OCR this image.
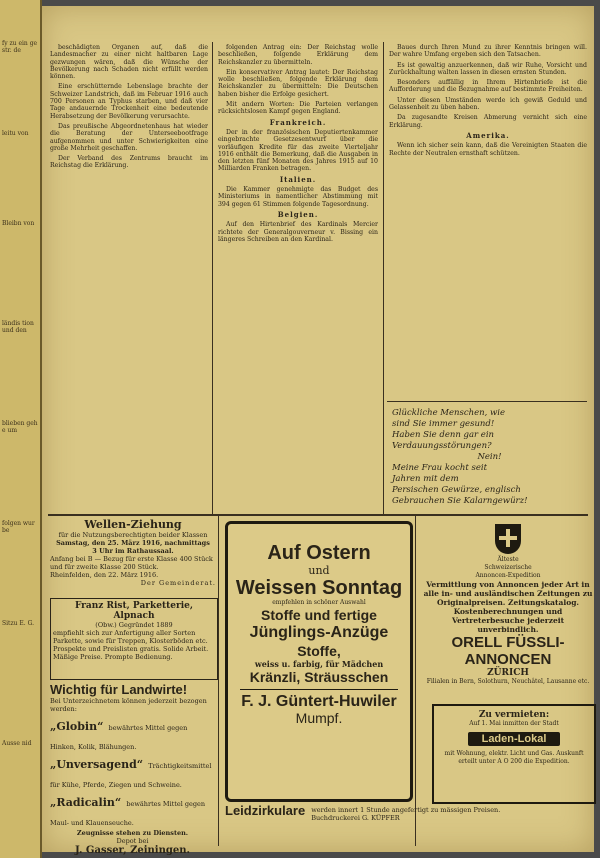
fy zu ein gestr. de
leitu von
Bleibn von
ländis tion und den
blieben gehe um
folgen wurbe
Sitzu E. G.
Ausse nid

beschädigten Organen auf, daß die Landesmacher zu einer nicht haltbaren Lage gezwungen wären, daß die Wünsche der Bevölkerung nach Schaden nicht erfüllt werden können.

Eine erschütternde Lebenslage brachte der Schweizer Landstrich, daß im Februar 1916 auch 700 Personen an Typhus starben, und daß vier Tage andauernde Trockenheit eine bedeutende Herabsetzung der Bevölkerung verursachte.

Das preußische Abgeordnetenhaus hat wieder die Beratung der Unterseebootfrage aufgenommen und unter Schwierigkeiten eine große Mehrheit geschaffen.

Der Verband des Zentrums braucht im Reichstag die Erklärung.

folgenden Antrag ein: Der Reichstag wolle beschließen, folgende Erklärung dem Reichskanzler zu übermitteln.

Ein konservativer Antrag lautet: Der Reichstag wolle beschließen, folgende Erklärung dem Reichskanzler zu übermitteln: Die Deutschen haben bisher die Erfolge gesichert.

Mit andern Worten: Die Parteien verlangen rücksichtslosen Kampf gegen England.

Frankreich.

Der in der französischen Deputiertenkammer eingebrachte Gesetzesentwurf über die vorläufigen Kredite für das zweite Vierteljahr 1916 enthält die Bemerkung, daß die Ausgaben in den letzten fünf Monaten des Jahres 1915 auf 10 Milliarden Franken betragen.

Italien.

Die Kammer genehmigte das Budget des Ministeriums in namentlicher Abstimmung mit 394 gegen 61 Stimmen folgende Tagesordnung.

Belgien.

Auf den Hirtenbrief des Kardinals Mercier richtete der Generalgouverneur v. Bissing ein längeres Schreiben an den Kardinal.

Baues durch Ihren Mund zu ihrer Kenntnis bringen will. Der wahre Umfang ergeben sich den Tatsachen.

Es ist gewaltig anzuerkennen, daß wir Ruhe, Vorsicht und Zurückhaltung walten lassen in diesen ernsten Stunden.

Besonders auffällig in Ihrem Hirtenbriefe ist die Aufforderung und die Bezugnahme auf bestimmte Freiheiten.

Unter diesen Umständen werde ich gewiß Geduld und Gelassenheit zu üben haben.

Da zugesandte Kreisen Abmerung vernicht sich eine Erklärung.

Amerika.

Wenn ich sicher sein kann, daß die Vereinigten Staaten die Rechte der Neutralen ernsthaft schützen.

Glückliche Menschen, wie
sind Sie immer gesund!
Haben Sie denn gar ein
Verdauungsstörungen?
Nein!
Meine Frau kocht seit
Jahren mit dem
Persischen Gewürze, englisch
Gebrauchen Sie Kalarngewürz!
Wellen-Ziehung
für die Nutzungsberechtigten beider Klassen
Samstag, den 25. März 1916, nachmittags
3 Uhr im Rathaussaal.
Anfang bei B — Bezug für erste Klasse 400 Stück und für zweite Klasse 200 Stück.
Rheinfelden, den 22. März 1916.
Der Gemeinderat.
Franz Rist, Parketterie, Alpnach
(Obw.) Gegründet 1889
empfiehlt sich zur Anfertigung aller Sorten Parkette, sowie für Treppen, Klosterböden etc. Prospekte und Preislisten gratis. Solide Arbeit. Mäßige Preise. Prompte Bedienung.
Wichtig für Landwirte!
Bei Unterzeichnetem können jederzeit bezogen werden:
„Globin“ bewährtes Mittel gegen Hinken, Kolik, Blähungen.
„Unversagend“ Trächtigkeitsmittel für Kühe, Pferde, Ziegen und Schweine.
„Radicalin“ bewährtes Mittel gegen Maul- und Klauenseuche.
Zeugnisse stehen zu Diensten.
Depot bei
J. Gasser, Zeiningen.
Auf Ostern
und
Weissen Sonntag
empfehlen in schöner Auswahl
Stoffe und fertige
Jünglings-Anzüge
Stoffe,
weiss u. farbig, für Mädchen
Kränzli, Sträusschen
F. J. Güntert-Huwiler
Mumpf.
Älteste
Schweizerische
Annoncen-Expedition
Vermittlung von Annoncen jeder Art in alle in- und ausländischen Zeitungen zu Originalpreisen. Zeitungskatalog. Kostenberechnungen und Vertreterbesuche jederzeit unverbindlich.
ORELL FÜSSLI-
ANNONCEN
ZÜRICH
Filialen in Bern, Solothurn, Neuchâtel, Lausanne etc.
Zu vermieten:
Auf 1. Mai inmitten der Stadt
Laden-Lokal
mit Wohnung, elektr. Licht und Gas. Auskunft erteilt unter A O 200 die Expedition.
Leidzirkulare werden innert 1 Stunde angefertigt zu mässigen Preisen. Buchdruckerei G. KÜPFER
